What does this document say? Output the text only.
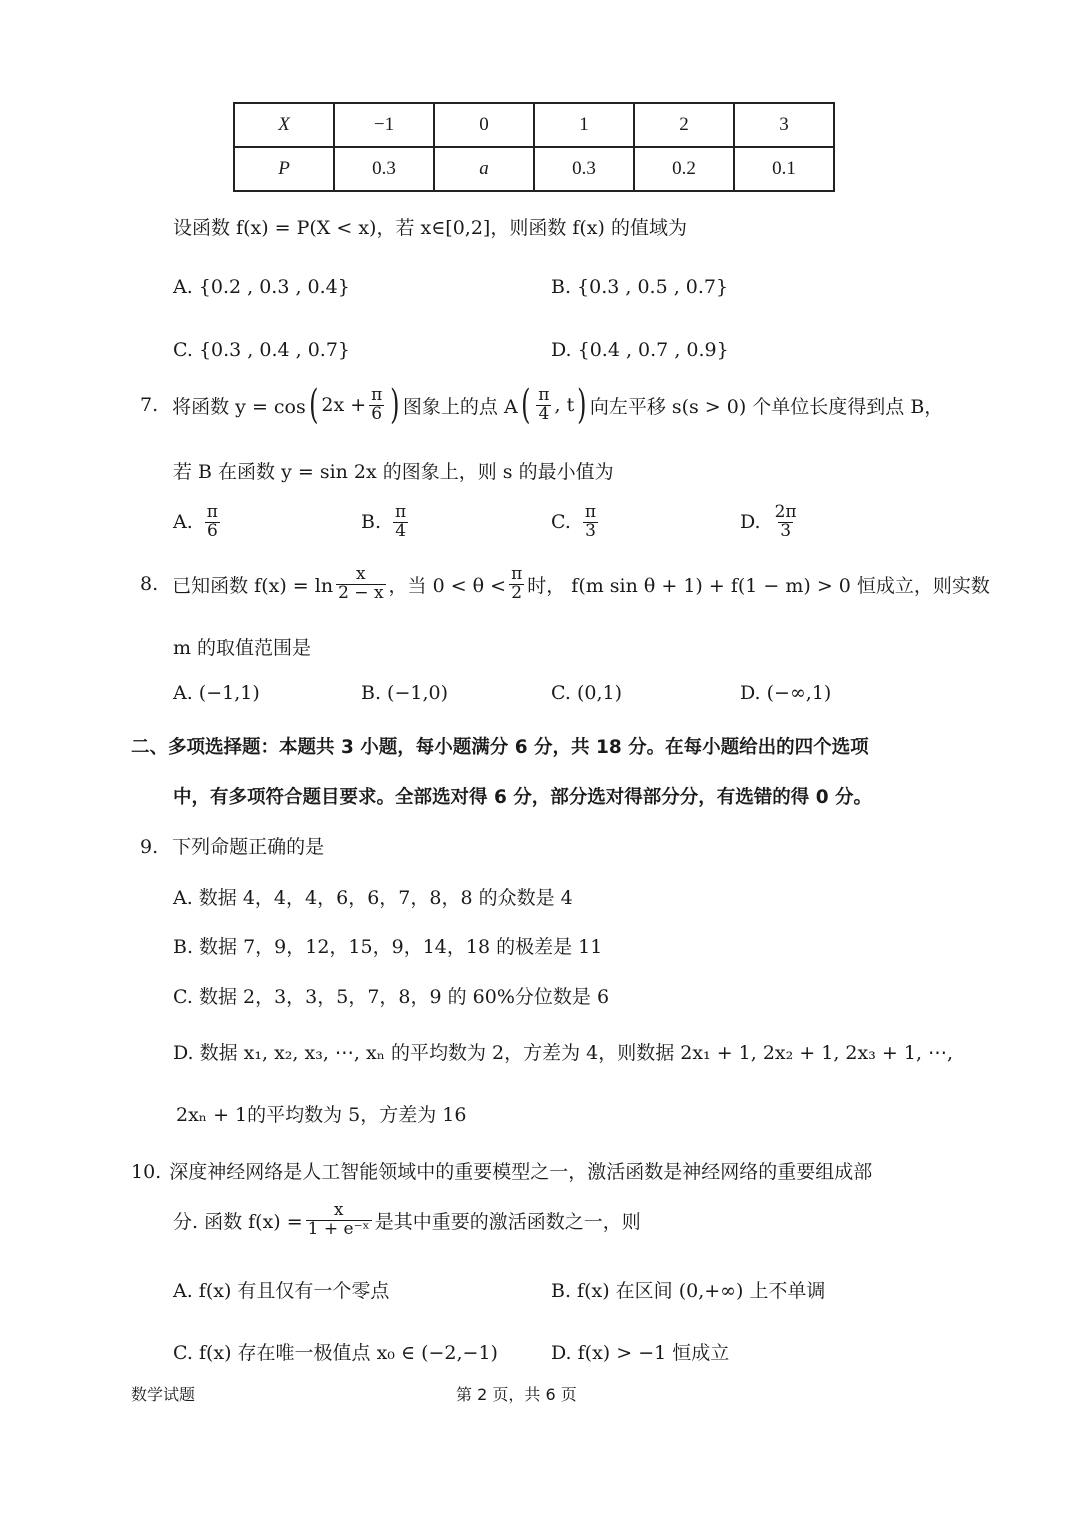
X	−1	0	1	2	3
P	0.3	a	0.3	0.2	0.1
设函数 f(x) = P(X < x)，若 x∈[0,2]，则函数 f(x) 的值域为
A. {0.2 , 0.3 , 0.4}	B. {0.3 , 0.5 , 0.7}
C. {0.3 , 0.4 , 0.7}	D. {0.4 , 0.7 , 0.9}
7. 将函数 y = cos ( $2x + \frac{\pi}{6}$ ) 图象上的点 A ( $\frac{\pi}{4}$ , t ) 向左平移 s(s > 0) 个单位长度得到点 B，
若 B 在函数 y = sin 2x 的图象上，则 s 的最小值为
A. $\frac{\pi}{6}$	B. $\frac{\pi}{4}$	C. $\frac{\pi}{3}$	D. $\frac{2\pi}{3}$
8. 已知函数 $f(x) = \ln \frac{x}{2 - x}$ ，当 $0 < \theta < \frac{\pi}{2}$ 时， f(m sin θ + 1) + f(1 − m) > 0 恒成立，则实数
m 的取值范围是
A. (−1,1)	B. (−1,0)	C. (0,1)	D. (−∞,1)
二、多项选择题：本题共 3 小题，每小题满分 6 分，共 18 分。在每小题给出的四个选项
中，有多项符合题目要求。全部选对得 6 分，部分选对得部分分，有选错的得 0 分。
9. 下列命题正确的是
A. 数据 4，4，4，6，6，7，8，8 的众数是 4
B. 数据 7，9，12，15，9，14，18 的极差是 11
C. 数据 2，3，3，5，7，8，9 的 60%分位数是 6
D. 数据 x₁, x₂, x₃, ⋯, xₙ 的平均数为 2，方差为 4，则数据 2x₁ + 1, 2x₂ + 1, 2x₃ + 1, ⋯,
2xₙ + 1的平均数为 5，方差为 16
10. 深度神经网络是人工智能领域中的重要模型之一，激活函数是神经网络的重要组成部
分. 函数 $f(x) = \frac{x}{\text{1 + e⁻ˣ}}$ 是其中重要的激活函数之一，则
A. f(x) 有且仅有一个零点	B. f(x) 在区间 (0,+∞) 上不单调
C. f(x) 存在唯一极值点 x₀ ∈ (−2,−1)	D. f(x) > −1 恒成立
数学试题	第 2 页，共 6 页
